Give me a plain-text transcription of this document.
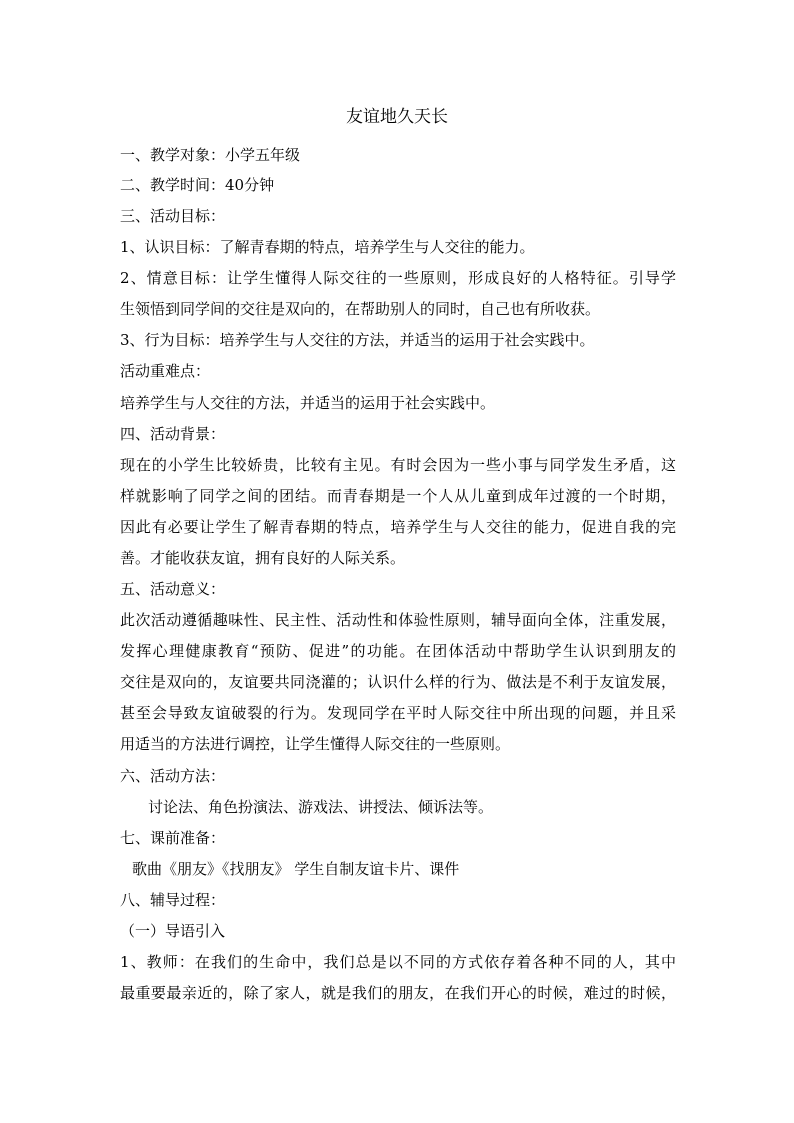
友谊地久天长
一、教学对象：小学五年级
二、教学时间：40分钟
三、活动目标：
1、认识目标：了解青春期的特点，培养学生与人交往的能力。
2、情意目标：让学生懂得人际交往的一些原则，形成良好的人格特征。引导学
生领悟到同学间的交往是双向的，在帮助别人的同时，自己也有所收获。
3、行为目标：培养学生与人交往的方法，并适当的运用于社会实践中。
活动重难点：
培养学生与人交往的方法，并适当的运用于社会实践中。
四、活动背景：
现在的小学生比较娇贵，比较有主见。有时会因为一些小事与同学发生矛盾，这
样就影响了同学之间的团结。而青春期是一个人从儿童到成年过渡的一个时期，
因此有必要让学生了解青春期的特点，培养学生与人交往的能力，促进自我的完
善。才能收获友谊，拥有良好的人际关系。
五、活动意义：
此次活动遵循趣味性、民主性、活动性和体验性原则，辅导面向全体，注重发展，
发挥心理健康教育“预防、促进”的功能。在团体活动中帮助学生认识到朋友的
交往是双向的，友谊要共同浇灌的；认识什么样的行为、做法是不利于友谊发展，
甚至会导致友谊破裂的行为。发现同学在平时人际交往中所出现的问题，并且采
用适当的方法进行调控，让学生懂得人际交往的一些原则。
六、活动方法：
讨论法、角色扮演法、游戏法、讲授法、倾诉法等。
七、课前准备：
歌曲《朋友》《找朋友》 学生自制友谊卡片、课件
八、辅导过程：
（一）导语引入
1、教师：在我们的生命中，我们总是以不同的方式依存着各种不同的人，其中
最重要最亲近的，除了家人，就是我们的朋友，在我们开心的时候，难过的时候，
